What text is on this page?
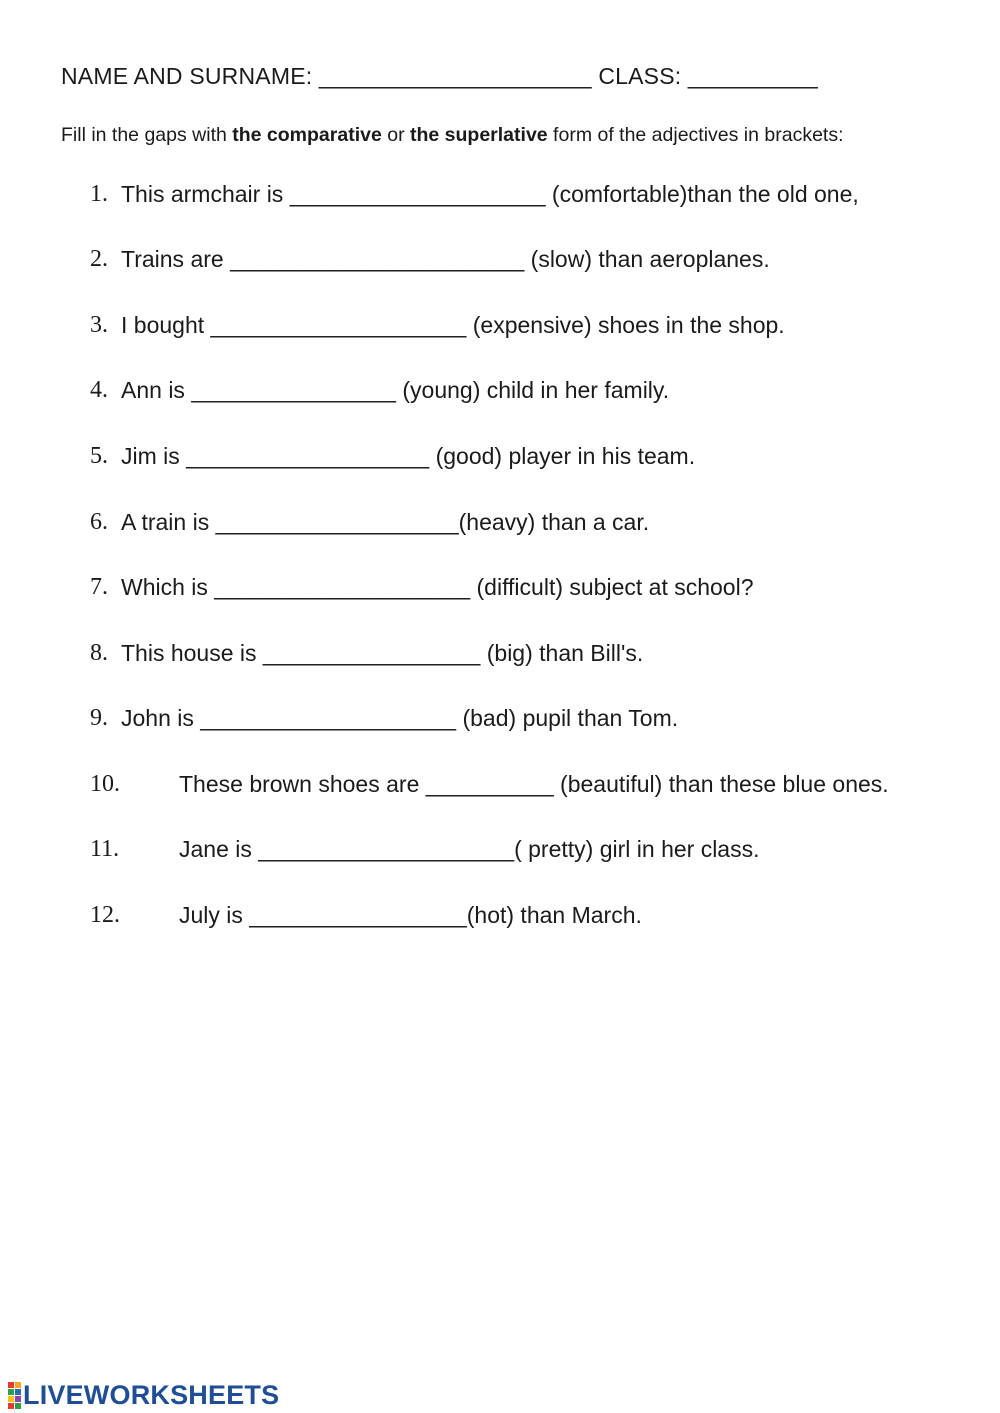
NAME AND SURNAME: _____________________ CLASS: __________
Fill in the gaps with the comparative or the superlative form of the adjectives in brackets:
1. This armchair is ____________________ (comfortable)than the old one,
2. Trains are _______________________ (slow) than aeroplanes.
3. I bought ____________________ (expensive) shoes in the shop.
4. Ann is ________________ (young) child in her family.
5. Jim is ___________________ (good) player in his team.
6. A train is ___________________(heavy) than a car.
7. Which is ____________________ (difficult) subject at school?
8. This house is _________________ (big) than Bill's.
9. John is ____________________ (bad) pupil than Tom.
10.	These brown shoes are __________ (beautiful) than these blue ones.
11.	Jane is ____________________( pretty) girl in her class.
12.	July is _________________(hot) than March.
LIVEWORKSHEETS
